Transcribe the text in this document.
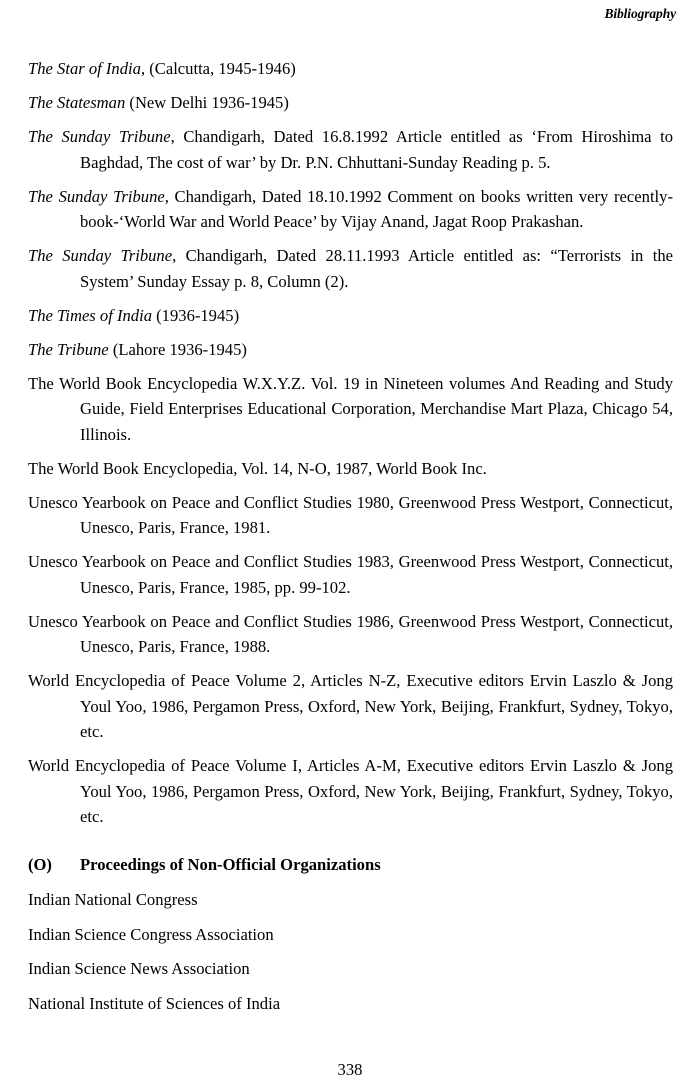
Bibliography

The Star of India, (Calcutta, 1945-1946)

The Statesman (New Delhi 1936-1945)

The Sunday Tribune, Chandigarh, Dated 16.8.1992 Article entitled as ‘From Hiroshima to Baghdad, The cost of war’ by Dr. P.N. Chhuttani-Sunday Reading p. 5.

The Sunday Tribune, Chandigarh, Dated 18.10.1992 Comment on books written very recently-book-‘World War and World Peace’ by Vijay Anand, Jagat Roop Prakashan.

The Sunday Tribune, Chandigarh, Dated 28.11.1993 Article entitled as: “Terrorists in the System’ Sunday Essay p. 8, Column (2).

The Times of India (1936-1945)

The Tribune (Lahore 1936-1945)

The World Book Encyclopedia W.X.Y.Z. Vol. 19 in Nineteen volumes And Reading and Study Guide, Field Enterprises Educational Corporation, Merchandise Mart Plaza, Chicago 54, Illinois.

The World Book Encyclopedia, Vol. 14, N-O, 1987, World Book Inc.

Unesco Yearbook on Peace and Conflict Studies 1980, Greenwood Press Westport, Connecticut, Unesco, Paris, France, 1981.

Unesco Yearbook on Peace and Conflict Studies 1983, Greenwood Press Westport, Connecticut, Unesco, Paris, France, 1985, pp. 99-102.

Unesco Yearbook on Peace and Conflict Studies 1986, Greenwood Press Westport, Connecticut, Unesco, Paris, France, 1988.

World Encyclopedia of Peace Volume 2, Articles N-Z, Executive editors Ervin Laszlo & Jong Youl Yoo, 1986, Pergamon Press, Oxford, New York, Beijing, Frankfurt, Sydney, Tokyo, etc.

World Encyclopedia of Peace Volume I, Articles A-M, Executive editors Ervin Laszlo & Jong Youl Yoo, 1986, Pergamon Press, Oxford, New York, Beijing, Frankfurt, Sydney, Tokyo, etc.

(O) Proceedings of Non-Official Organizations

Indian National Congress

Indian Science Congress Association

Indian Science News Association

National Institute of Sciences of India

338
